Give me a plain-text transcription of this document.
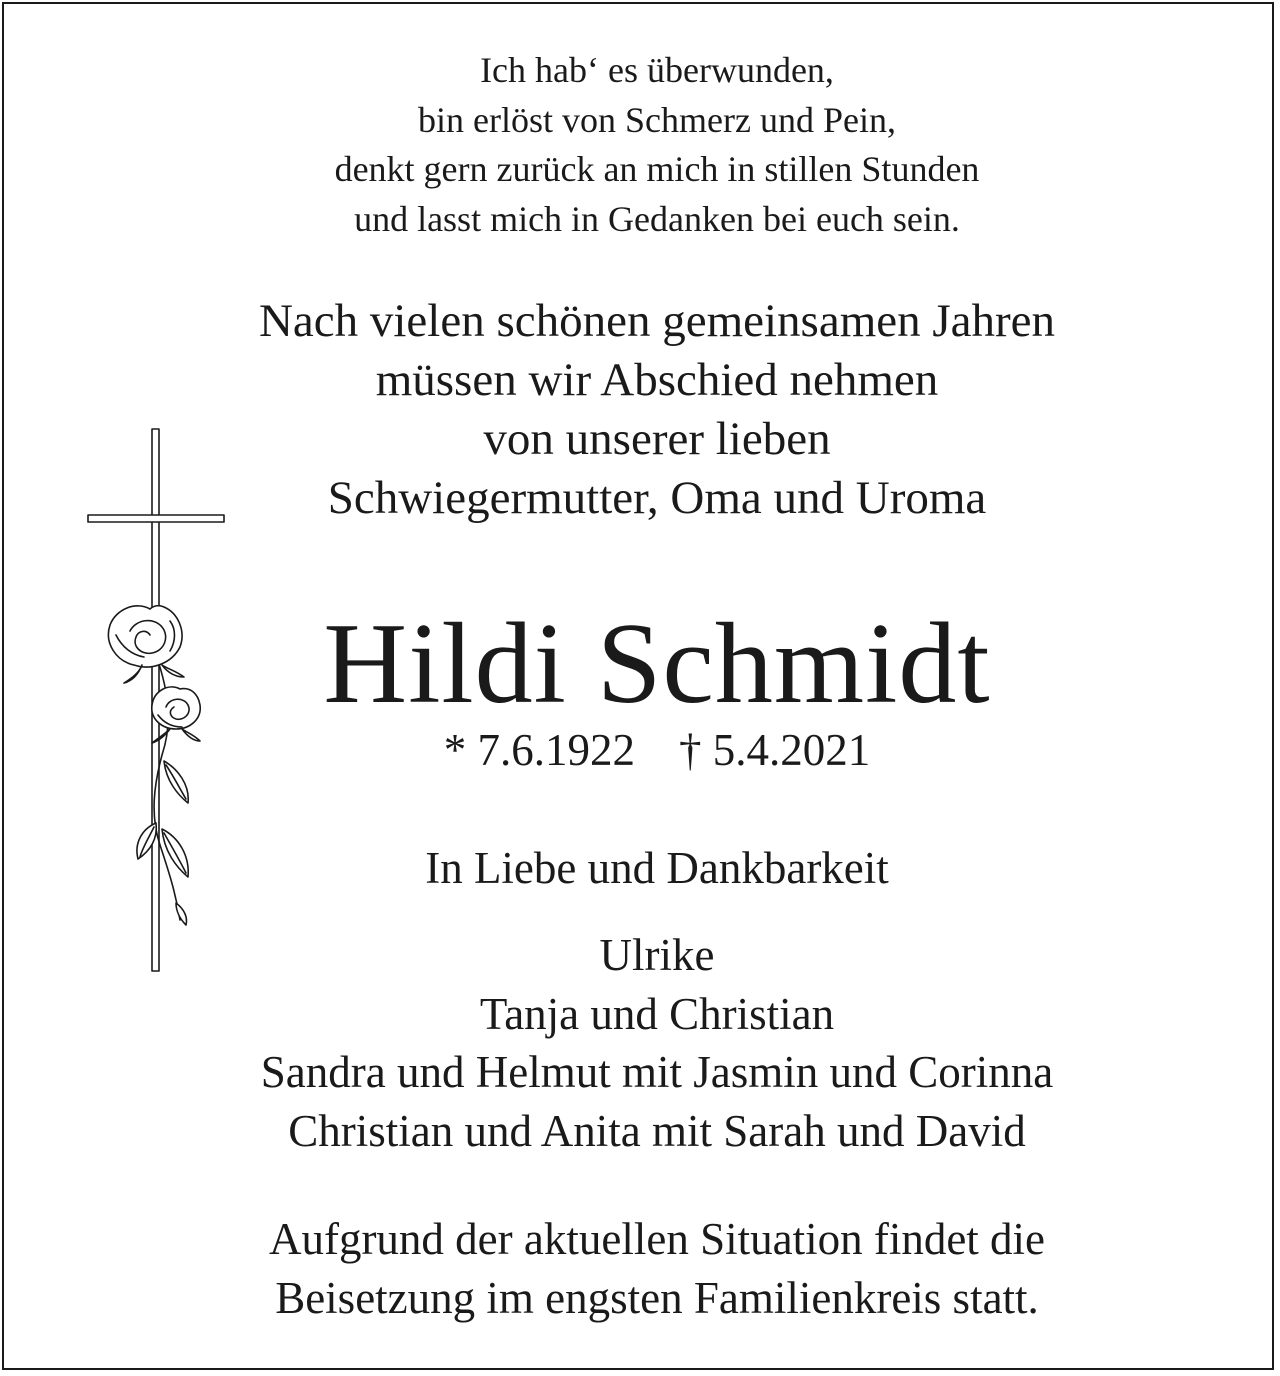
Ich hab‘ es überwunden,
bin erlöst von Schmerz und Pein,
denkt gern zurück an mich in stillen Stunden
und lasst mich in Gedanken bei euch sein.
Nach vielen schönen gemeinsamen Jahren
müssen wir Abschied nehmen
von unserer lieben
Schwiegermutter, Oma und Uroma
Hildi Schmidt
* 7.6.1922 † 5.4.2021
In Liebe und Dankbarkeit
Ulrike
Tanja und Christian
Sandra und Helmut mit Jasmin und Corinna
Christian und Anita mit Sarah und David
Aufgrund der aktuellen Situation findet die
Beisetzung im engsten Familienkreis statt.
